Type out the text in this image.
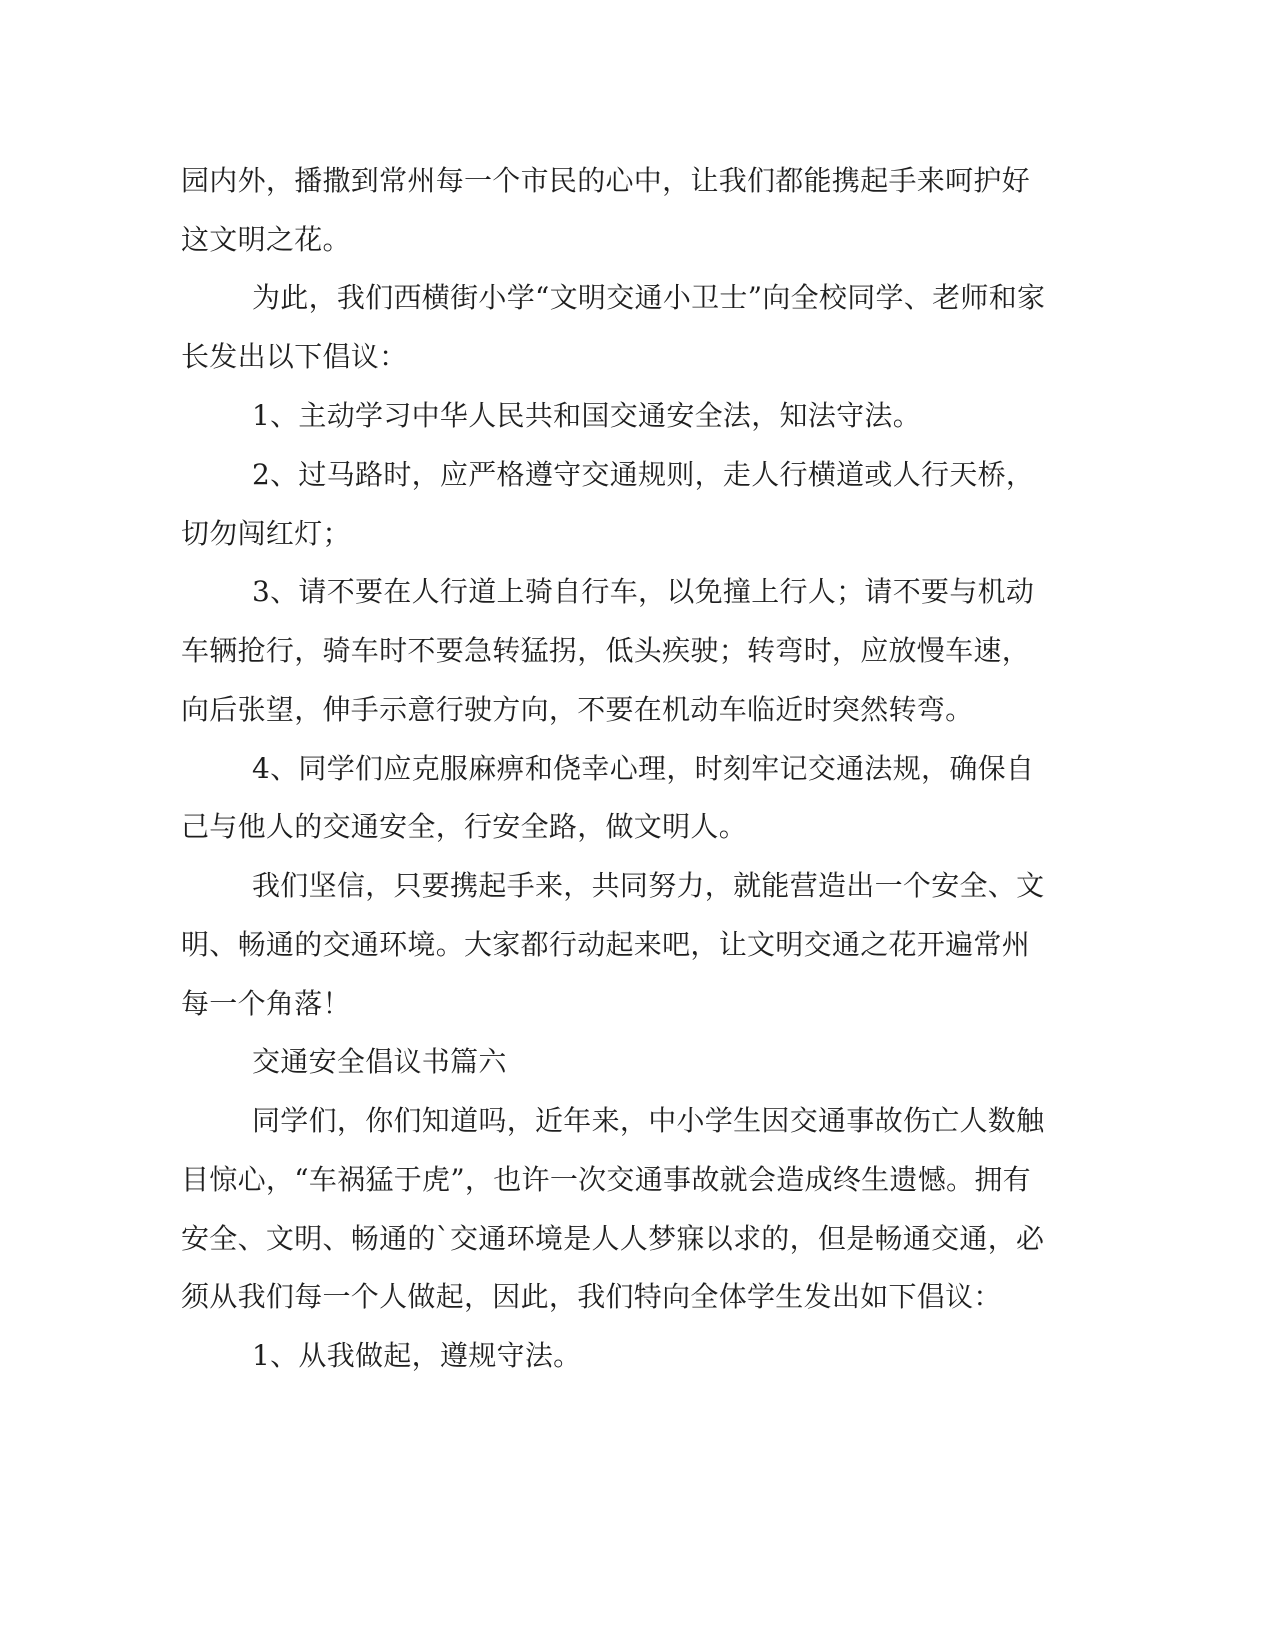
园内外，播撒到常州每一个市民的心中，让我们都能携起手来呵护好
这文明之花。
为此，我们西横街小学“文明交通小卫士”向全校同学、老师和家
长发出以下倡议：
1、主动学习中华人民共和国交通安全法，知法守法。
2、过马路时，应严格遵守交通规则，走人行横道或人行天桥，
切勿闯红灯；
3、请不要在人行道上骑自行车，以免撞上行人；请不要与机动
车辆抢行，骑车时不要急转猛拐，低头疾驶；转弯时，应放慢车速，
向后张望，伸手示意行驶方向，不要在机动车临近时突然转弯。
4、同学们应克服麻痹和侥幸心理，时刻牢记交通法规，确保自
己与他人的交通安全，行安全路，做文明人。
我们坚信，只要携起手来，共同努力，就能营造出一个安全、文
明、畅通的交通环境。大家都行动起来吧，让文明交通之花开遍常州
每一个角落！
交通安全倡议书篇六
同学们，你们知道吗，近年来，中小学生因交通事故伤亡人数触
目惊心，“车祸猛于虎”，也许一次交通事故就会造成终生遗憾。拥有
安全、文明、畅通的`交通环境是人人梦寐以求的，但是畅通交通，必
须从我们每一个人做起，因此，我们特向全体学生发出如下倡议：
1、从我做起，遵规守法。
